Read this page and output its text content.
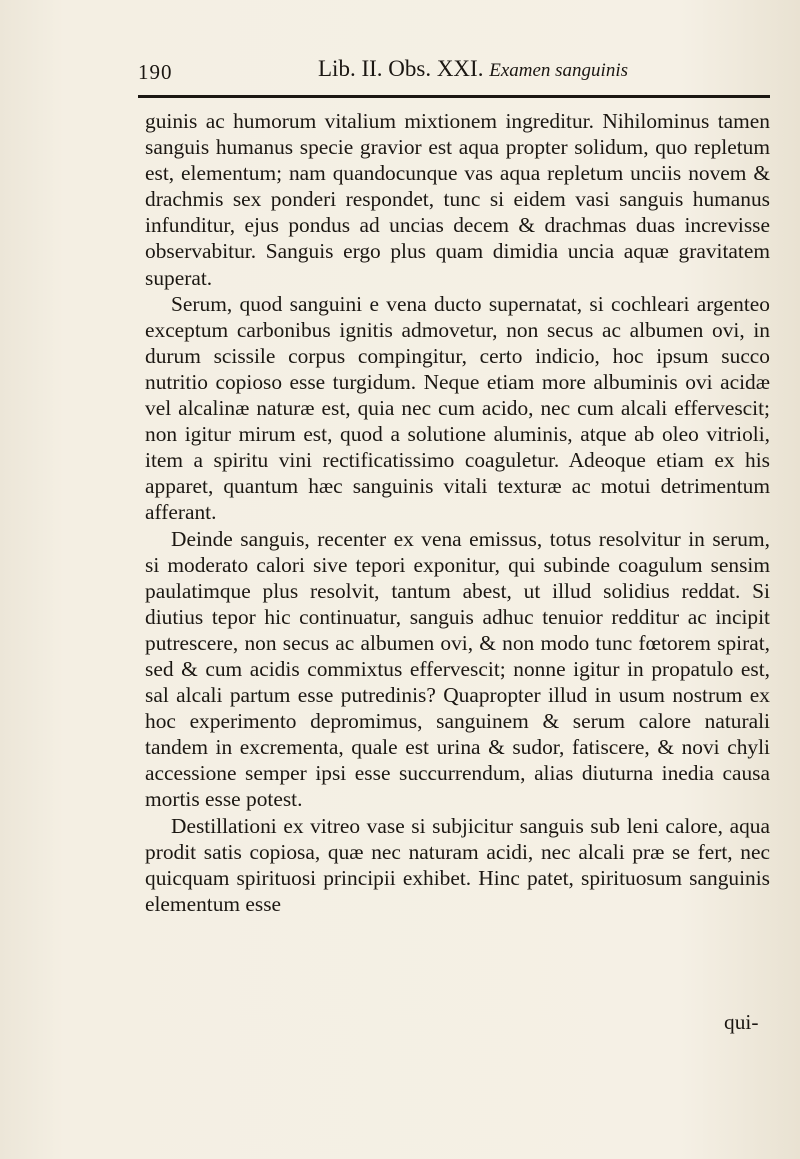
190	Lib. II. Obs. XXI. Examen sanguinis

guinis ac humorum vitalium mixtionem ingreditur. Nihilominus tamen sanguis humanus specie gravior est aqua propter solidum, quo repletum est, elementum; nam quandocunque vas aqua repletum unciis novem & drachmis sex ponderi respondet, tunc si eidem vasi sanguis humanus infunditur, ejus pondus ad uncias decem & drachmas duas increvisse observabitur. Sanguis ergo plus quam dimidia uncia aquæ gravitatem superat.

Serum, quod sanguini e vena ducto supernatat, si cochleari argenteo exceptum carbonibus ignitis admovetur, non secus ac albumen ovi, in durum scissile corpus compingitur, certo indicio, hoc ipsum succo nutritio copioso esse turgidum. Neque etiam more albuminis ovi acidæ vel alcalinæ naturæ est, quia nec cum acido, nec cum alcali effervescit; non igitur mirum est, quod a solutione aluminis, atque ab oleo vitrioli, item a spiritu vini rectificatissimo coaguletur. Adeoque etiam ex his apparet, quantum hæc sanguinis vitali texturæ ac motui detrimentum afferant.

Deinde sanguis, recenter ex vena emissus, totus resolvitur in serum, si moderato calori sive tepori exponitur, qui subinde coagulum sensim paulatimque plus resolvit, tantum abest, ut illud solidius reddat. Si diutius tepor hic continuatur, sanguis adhuc tenuior redditur ac incipit putrescere, non secus ac albumen ovi, & non modo tunc fœtorem spirat, sed & cum acidis commixtus effervescit; nonne igitur in propatulo est, sal alcali partum esse putredinis? Quapropter illud in usum nostrum ex hoc experimento depromimus, sanguinem & serum calore naturali tandem in excrementa, quale est urina & sudor, fatiscere, & novi chyli accessione semper ipsi esse succurrendum, alias diuturna inedia causa mortis esse potest.

Destillationi ex vitreo vase si subjicitur sanguis sub leni calore, aqua prodit satis copiosa, quæ nec naturam acidi, nec alcali præ se fert, nec quicquam spirituosi principii exhibet. Hinc patet, spirituosum sanguinis elementum esse

qui-
